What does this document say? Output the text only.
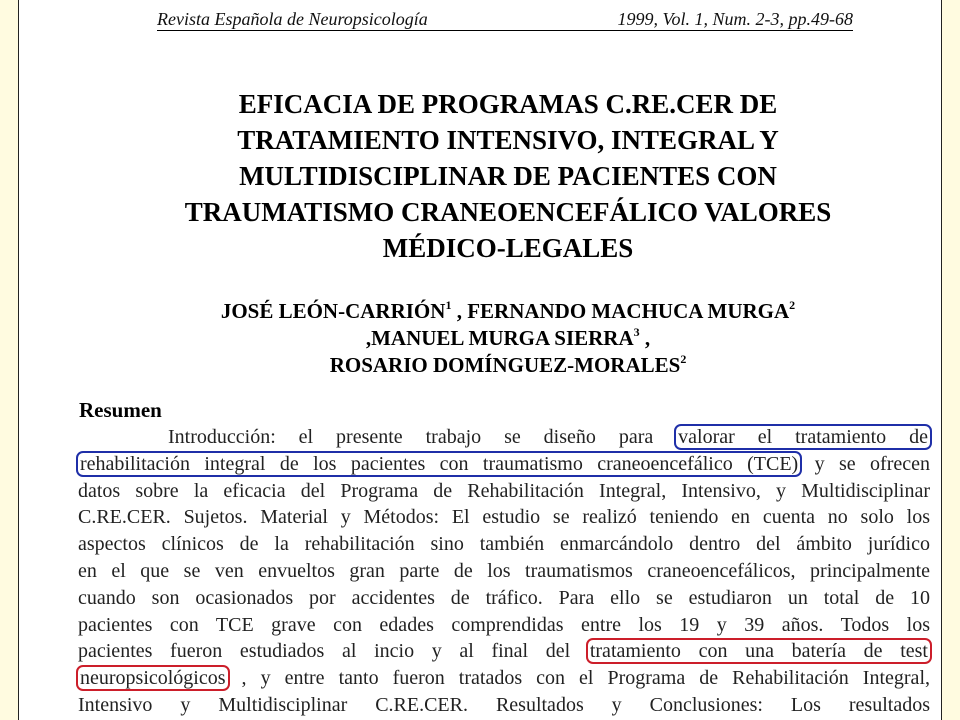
Revista Española de Neuropsicología	1999, Vol. 1, Num. 2-3, pp.49-68
EFICACIA DE PROGRAMAS C.RE.CER DE
TRATAMIENTO INTENSIVO, INTEGRAL Y
MULTIDISCIPLINAR DE PACIENTES CON
TRAUMATISMO CRANEOENCEFÁLICO VALORES
MÉDICO-LEGALES
JOSÉ LEÓN-CARRIÓN$^1$ , FERNANDO MACHUCA MURGA$^2$
,MANUEL MURGA SIERRA$^3$ ,
ROSARIO DOMÍNGUEZ-MORALES$^2$
Resumen
Introducción: el presente trabajo se diseño para valorar el tratamiento de
rehabilitación integral de los pacientes con traumatismo craneoencefálico (TCE) y se ofrecen
datos sobre la eficacia del Programa de Rehabilitación Integral, Intensivo, y Multidisciplinar
C.RE.CER. Sujetos. Material y Métodos: El estudio se realizó teniendo en cuenta no solo los
aspectos clínicos de la rehabilitación sino también enmarcándolo dentro del ámbito jurídico
en el que se ven envueltos gran parte de los traumatismos craneoencefálicos, principalmente
cuando son ocasionados por accidentes de tráfico. Para ello se estudiaron un total de 10
pacientes con TCE grave con edades comprendidas entre los 19 y 39 años. Todos los
pacientes fueron estudiados al incio y al final del tratamiento con una batería de test
neuropsicológicos , y entre tanto fueron tratados con el Programa de Rehabilitación Integral,
Intensivo y Multidisciplinar C.RE.CER. Resultados y Conclusiones: Los resultados
